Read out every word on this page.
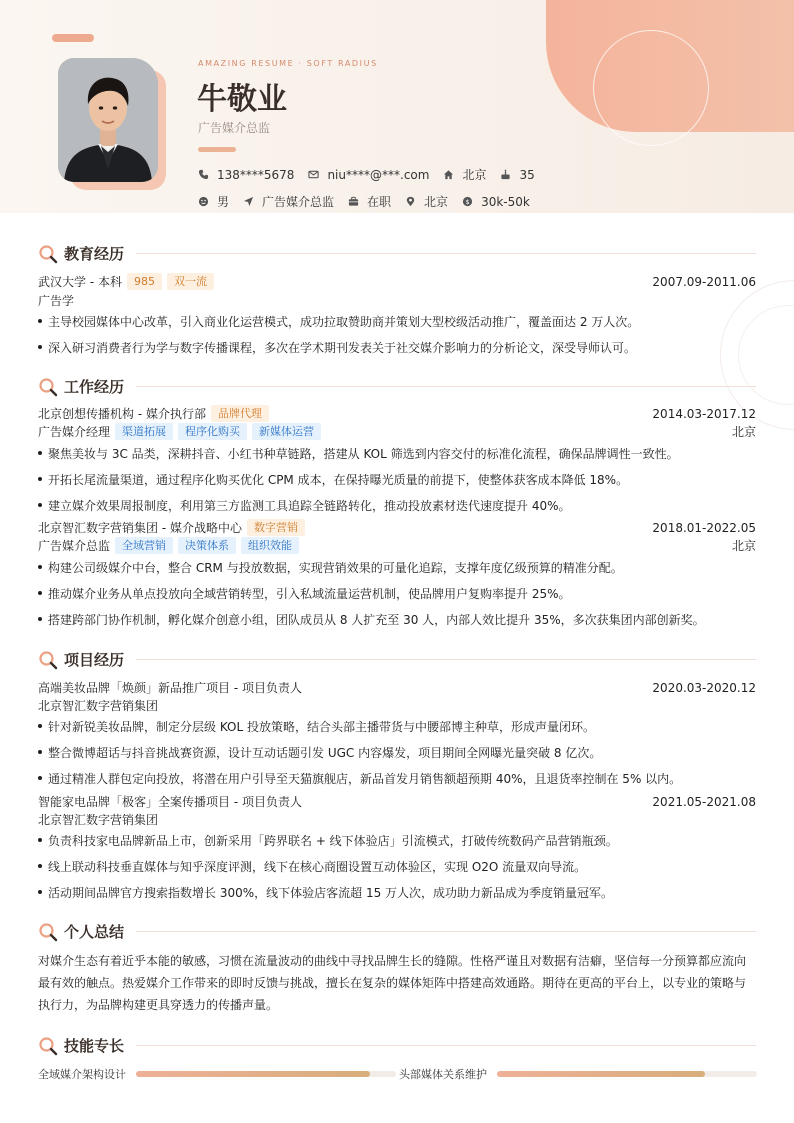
AMAZING RESUME · SOFT RADIUS
牛敬业
广告媒介总监
138****5678	niu****@***.com	北京	35
男	广告媒介总监	在职	北京 $ 30k-50k
教育经历
武汉大学 - 本科	985	双一流	2007.09-2011.06
广告学
主导校园媒体中心改革，引入商业化运营模式，成功拉取赞助商并策划大型校级活动推广，覆盖面达 2 万人次。
深入研习消费者行为学与数字传播课程，多次在学术期刊发表关于社交媒介影响力的分析论文，深受导师认可。
工作经历
北京创想传播机构 - 媒介执行部	品牌代理	2014.03-2017.12
广告媒介经理	渠道拓展	程序化购买	新媒体运营	北京
聚焦美妆与 3C 品类，深耕抖音、小红书种草链路，搭建从 KOL 筛选到内容交付的标准化流程，确保品牌调性一致性。
开拓长尾流量渠道，通过程序化购买优化 CPM 成本，在保持曝光质量的前提下，使整体获客成本降低 18%。
建立媒介效果周报制度，利用第三方监测工具追踪全链路转化，推动投放素材迭代速度提升 40%。
北京智汇数字营销集团 - 媒介战略中心	数字营销	2018.01-2022.05
广告媒介总监	全域营销	决策体系	组织效能	北京
构建公司级媒介中台，整合 CRM 与投放数据，实现营销效果的可量化追踪，支撑年度亿级预算的精准分配。
推动媒介业务从单点投放向全域营销转型，引入私域流量运营机制，使品牌用户复购率提升 25%。
搭建跨部门协作机制，孵化媒介创意小组，团队成员从 8 人扩充至 30 人，内部人效比提升 35%，多次获集团内部创新奖。
项目经历
高端美妆品牌「焕颜」新品推广项目 - 项目负责人	2020.03-2020.12
北京智汇数字营销集团
针对新锐美妆品牌，制定分层级 KOL 投放策略，结合头部主播带货与中腰部博主种草，形成声量闭环。
整合微博超话与抖音挑战赛资源，设计互动话题引发 UGC 内容爆发，项目期间全网曝光量突破 8 亿次。
通过精准人群包定向投放，将潜在用户引导至天猫旗舰店，新品首发月销售额超预期 40%，且退货率控制在 5% 以内。
智能家电品牌「极客」全案传播项目 - 项目负责人	2021.05-2021.08
北京智汇数字营销集团
负责科技家电品牌新品上市，创新采用「跨界联名 + 线下体验店」引流模式，打破传统数码产品营销瓶颈。
线上联动科技垂直媒体与知乎深度评测，线下在核心商圈设置互动体验区，实现 O2O 流量双向导流。
活动期间品牌官方搜索指数增长 300%，线下体验店客流超 15 万人次，成功助力新品成为季度销量冠军。
个人总结
对媒介生态有着近乎本能的敏感，习惯在流量波动的曲线中寻找品牌生长的缝隙。性格严谨且对数据有洁癖，坚信每一分预算都应流向
最有效的触点。热爱媒介工作带来的即时反馈与挑战，擅长在复杂的媒体矩阵中搭建高效通路。期待在更高的平台上，以专业的策略与
执行力，为品牌构建更具穿透力的传播声量。
技能专长
全域媒介架构设计	头部媒体关系维护
